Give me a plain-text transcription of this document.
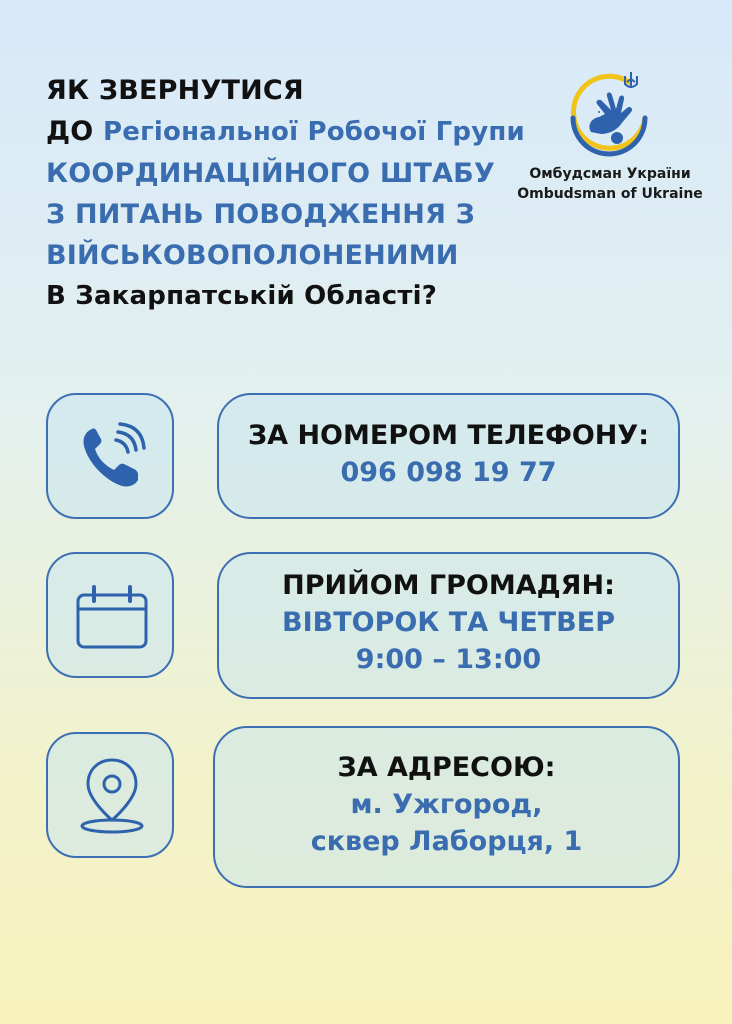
ЯК ЗВЕРНУТИСЯ
ДО Регіональної Робочої Групи
КООРДИНАЦІЙНОГО ШТАБУ
З ПИТАНЬ ПОВОДЖЕННЯ З
ВІЙСЬКОВОПОЛОНЕНИМИ
В Закарпатській Області?
Омбудсман України
Ombudsman of Ukraine
ЗА НОМЕРОМ ТЕЛЕФОНУ:
096 098 19 77
ПРИЙОМ ГРОМАДЯН:
ВІВТОРОК ТА ЧЕТВЕР
9:00 – 13:00
ЗА АДРЕСОЮ:
м. Ужгород,
сквер Лаборця, 1
